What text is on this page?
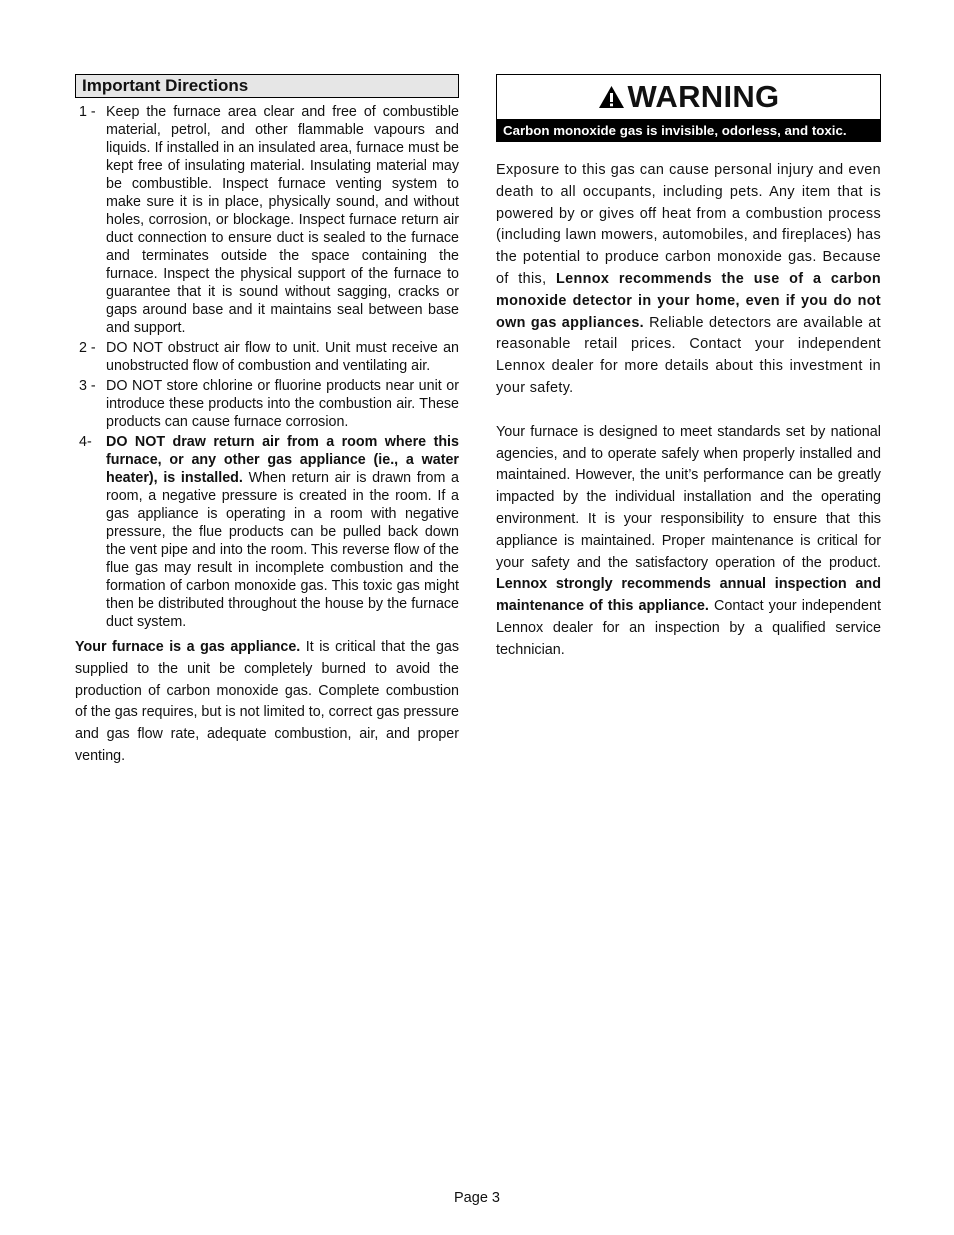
Important Directions
1 - Keep the furnace area clear and free of combustible material, petrol, and other flammable vapours and liquids. If installed in an insulated area, furnace must be kept free of insulating material. Insulating material may be combustible. Inspect furnace venting system to make sure it is in place, physically sound, and without holes, corrosion, or blockage. Inspect furnace return air duct connection to ensure duct is sealed to the furnace and terminates outside the space containing the furnace. Inspect the physical support of the furnace to guarantee that it is sound without sagging, cracks or gaps around base and it maintains seal between base and support.
2 - DO NOT obstruct air flow to unit. Unit must receive an unobstructed flow of combustion and ventilating air.
3 - DO NOT store chlorine or fluorine products near unit or introduce these products into the combustion air. These products can cause furnace corrosion.
4- DO NOT draw return air from a room where this furnace, or any other gas appliance (ie., a water heater), is installed. When return air is drawn from a room, a negative pressure is created in the room. If a gas appliance is operating in a room with negative pressure, the flue products can be pulled back down the vent pipe and into the room. This reverse flow of the flue gas may result in incomplete combustion and the formation of carbon monoxide gas. This toxic gas might then be distributed throughout the house by the furnace duct system.
Your furnace is a gas appliance. It is critical that the gas supplied to the unit be completely burned to avoid the production of carbon monoxide gas. Complete combustion of the gas requires, but is not limited to, correct gas pressure and gas flow rate, adequate combustion, air, and proper venting.
WARNING
Carbon monoxide gas is invisible, odorless, and toxic.
Exposure to this gas can cause personal injury and even death to all occupants, including pets. Any item that is powered by or gives off heat from a combustion process (including lawn mowers, automobiles, and fireplaces) has the potential to produce carbon monoxide gas. Because of this, Lennox recommends the use of a carbon monoxide detector in your home, even if you do not own gas appliances. Reliable detectors are available at reasonable retail prices. Contact your independent Lennox dealer for more details about this investment in your safety.
Your furnace is designed to meet standards set by national agencies, and to operate safely when properly installed and maintained. However, the unit’s performance can be greatly impacted by the individual installation and the operating environment. It is your responsibility to ensure that this appliance is maintained. Proper maintenance is critical for your safety and the satisfactory operation of the product. Lennox strongly recommends annual inspection and maintenance of this appliance. Contact your independent Lennox dealer for an inspection by a qualified service technician.
Page 3
